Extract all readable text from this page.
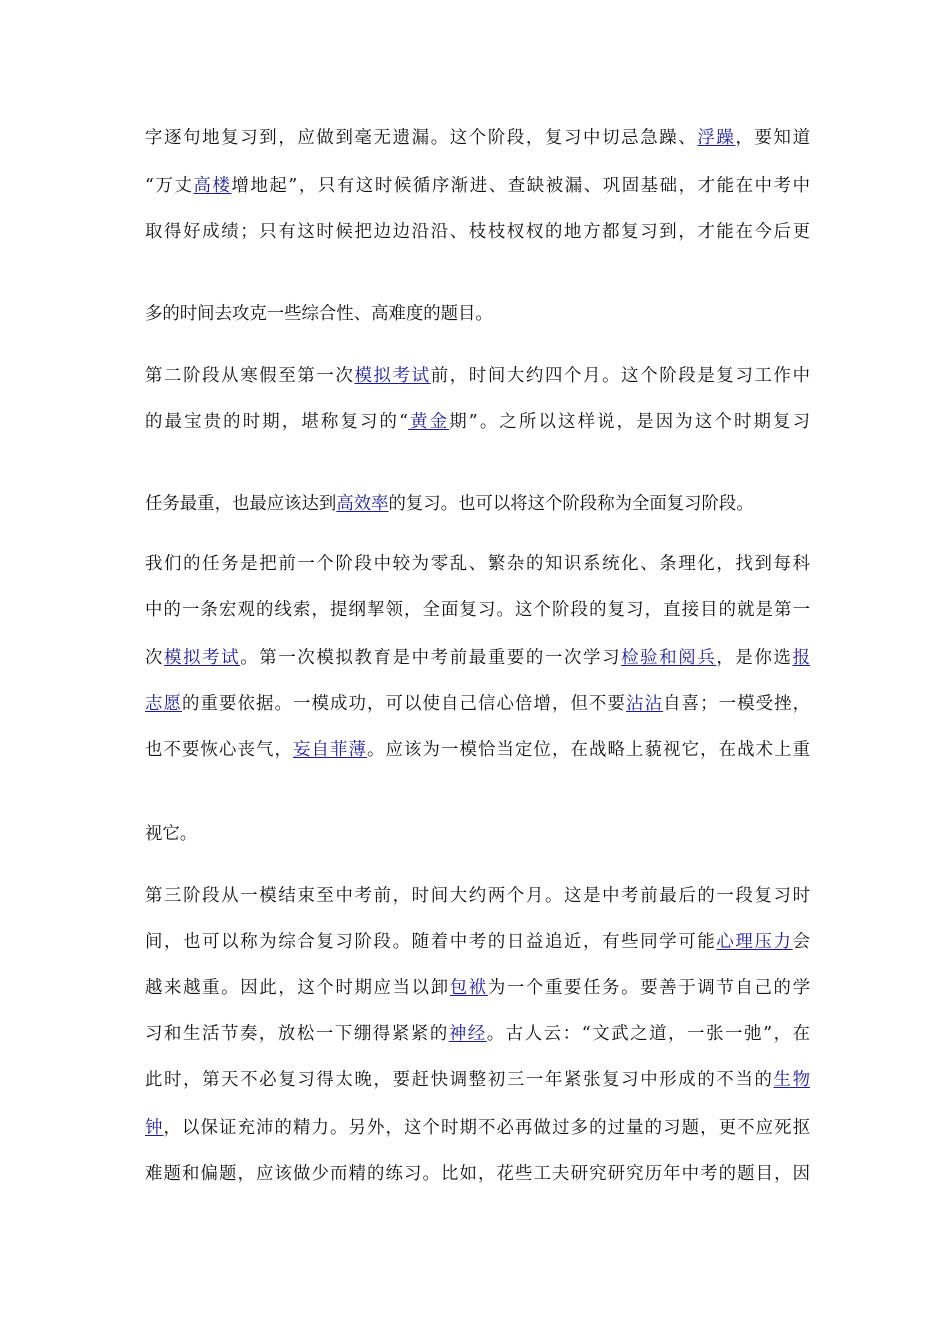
字逐句地复习到，应做到毫无遗漏。这个阶段，复习中切忌急躁、浮躁，要知道
“万丈高楼增地起”，只有这时候循序渐进、查缺被漏、巩固基础，才能在中考中
取得好成绩；只有这时候把边边沿沿、枝枝杈杈的地方都复习到，才能在今后更
多的时间去攻克一些综合性、高难度的题目。
第二阶段从寒假至第一次模拟考试前，时间大约四个月。这个阶段是复习工作中
的最宝贵的时期，堪称复习的“黄金期”。之所以这样说，是因为这个时期复习
任务最重，也最应该达到高效率的复习。也可以将这个阶段称为全面复习阶段。
我们的任务是把前一个阶段中较为零乱、繁杂的知识系统化、条理化，找到每科
中的一条宏观的线索，提纲挈领，全面复习。这个阶段的复习，直接目的就是第一
次模拟考试。第一次模拟教育是中考前最重要的一次学习检验和阅兵，是你选报
志愿的重要依据。一模成功，可以使自己信心倍增，但不要沾沾自喜；一模受挫，
也不要恢心丧气，妄自菲薄。应该为一模恰当定位，在战略上藐视它，在战术上重
视它。
第三阶段从一模结束至中考前，时间大约两个月。这是中考前最后的一段复习时
间，也可以称为综合复习阶段。随着中考的日益追近，有些同学可能心理压力会
越来越重。因此，这个时期应当以卸包袱为一个重要任务。要善于调节自己的学
习和生活节奏，放松一下绷得紧紧的神经。古人云：“文武之道，一张一弛”，在
此时，第天不必复习得太晚，要赶快调整初三一年紧张复习中形成的不当的生物
钟，以保证充沛的精力。另外，这个时期不必再做过多的过量的习题，更不应死抠
难题和偏题，应该做少而精的练习。比如，花些工夫研究研究历年中考的题目，因
